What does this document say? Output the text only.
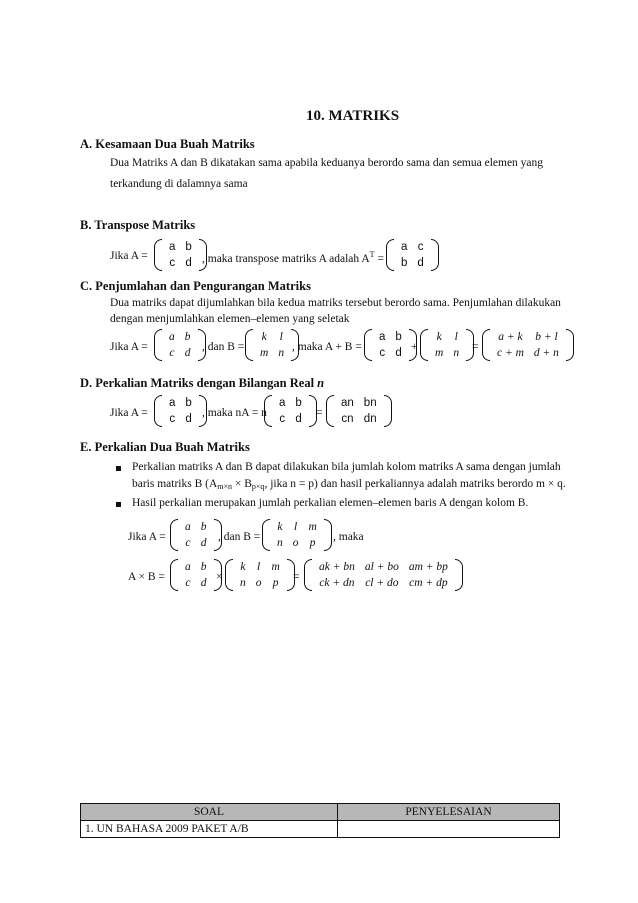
10. MATRIKS
A. Kesamaan Dua Buah Matriks
Dua Matriks A dan B dikatakan sama apabila keduanya berordo sama dan semua elemen yang
terkandung di dalamnya sama
B. Transpose Matriks
Jika A =
a	b
c	d , maka transpose matriks A adalah $A^T$ =
a	c
b	d
C. Penjumlahan dan Pengurangan Matriks
Dua matriks dapat dijumlahkan bila kedua matriks tersebut berordo sama. Penjumlahan dilakukan
dengan menjumlahkan elemen–elemen yang seletak
Jika A =
a	b
c	d , dan B =
k	l
m	n , maka A + B =
a	b
c	d +
k	l
m	n =
a + k	b + l
c + m	d + n
D. Perkalian Matriks dengan Bilangan Real n
Jika A =
a	b
c	d , maka nA = n
a	b
c	d =
an	bn
cn	dn
E. Perkalian Dua Buah Matriks
Perkalian matriks A dan B dapat dilakukan bila jumlah kolom matriks A sama dengan jumlah
baris matriks B ($A_{m\times n} \times B_{p\times q}$, jika n = p) dan hasil perkaliannya adalah matriks berordo m × q.
Hasil perkalian merupakan jumlah perkalian elemen–elemen baris A dengan kolom B.
Jika A =
a	b
c	d , dan B =
k	l	m
n	o	p , maka
A × B =
a	b
c	d ×
k	l	m
n	o	p =
ak + bn	al + bo	am + bp
ck + dn	cl + do	cm + dp
SOAL	PENYELESAIAN
1. UN BAHASA 2009 PAKET A/B	
